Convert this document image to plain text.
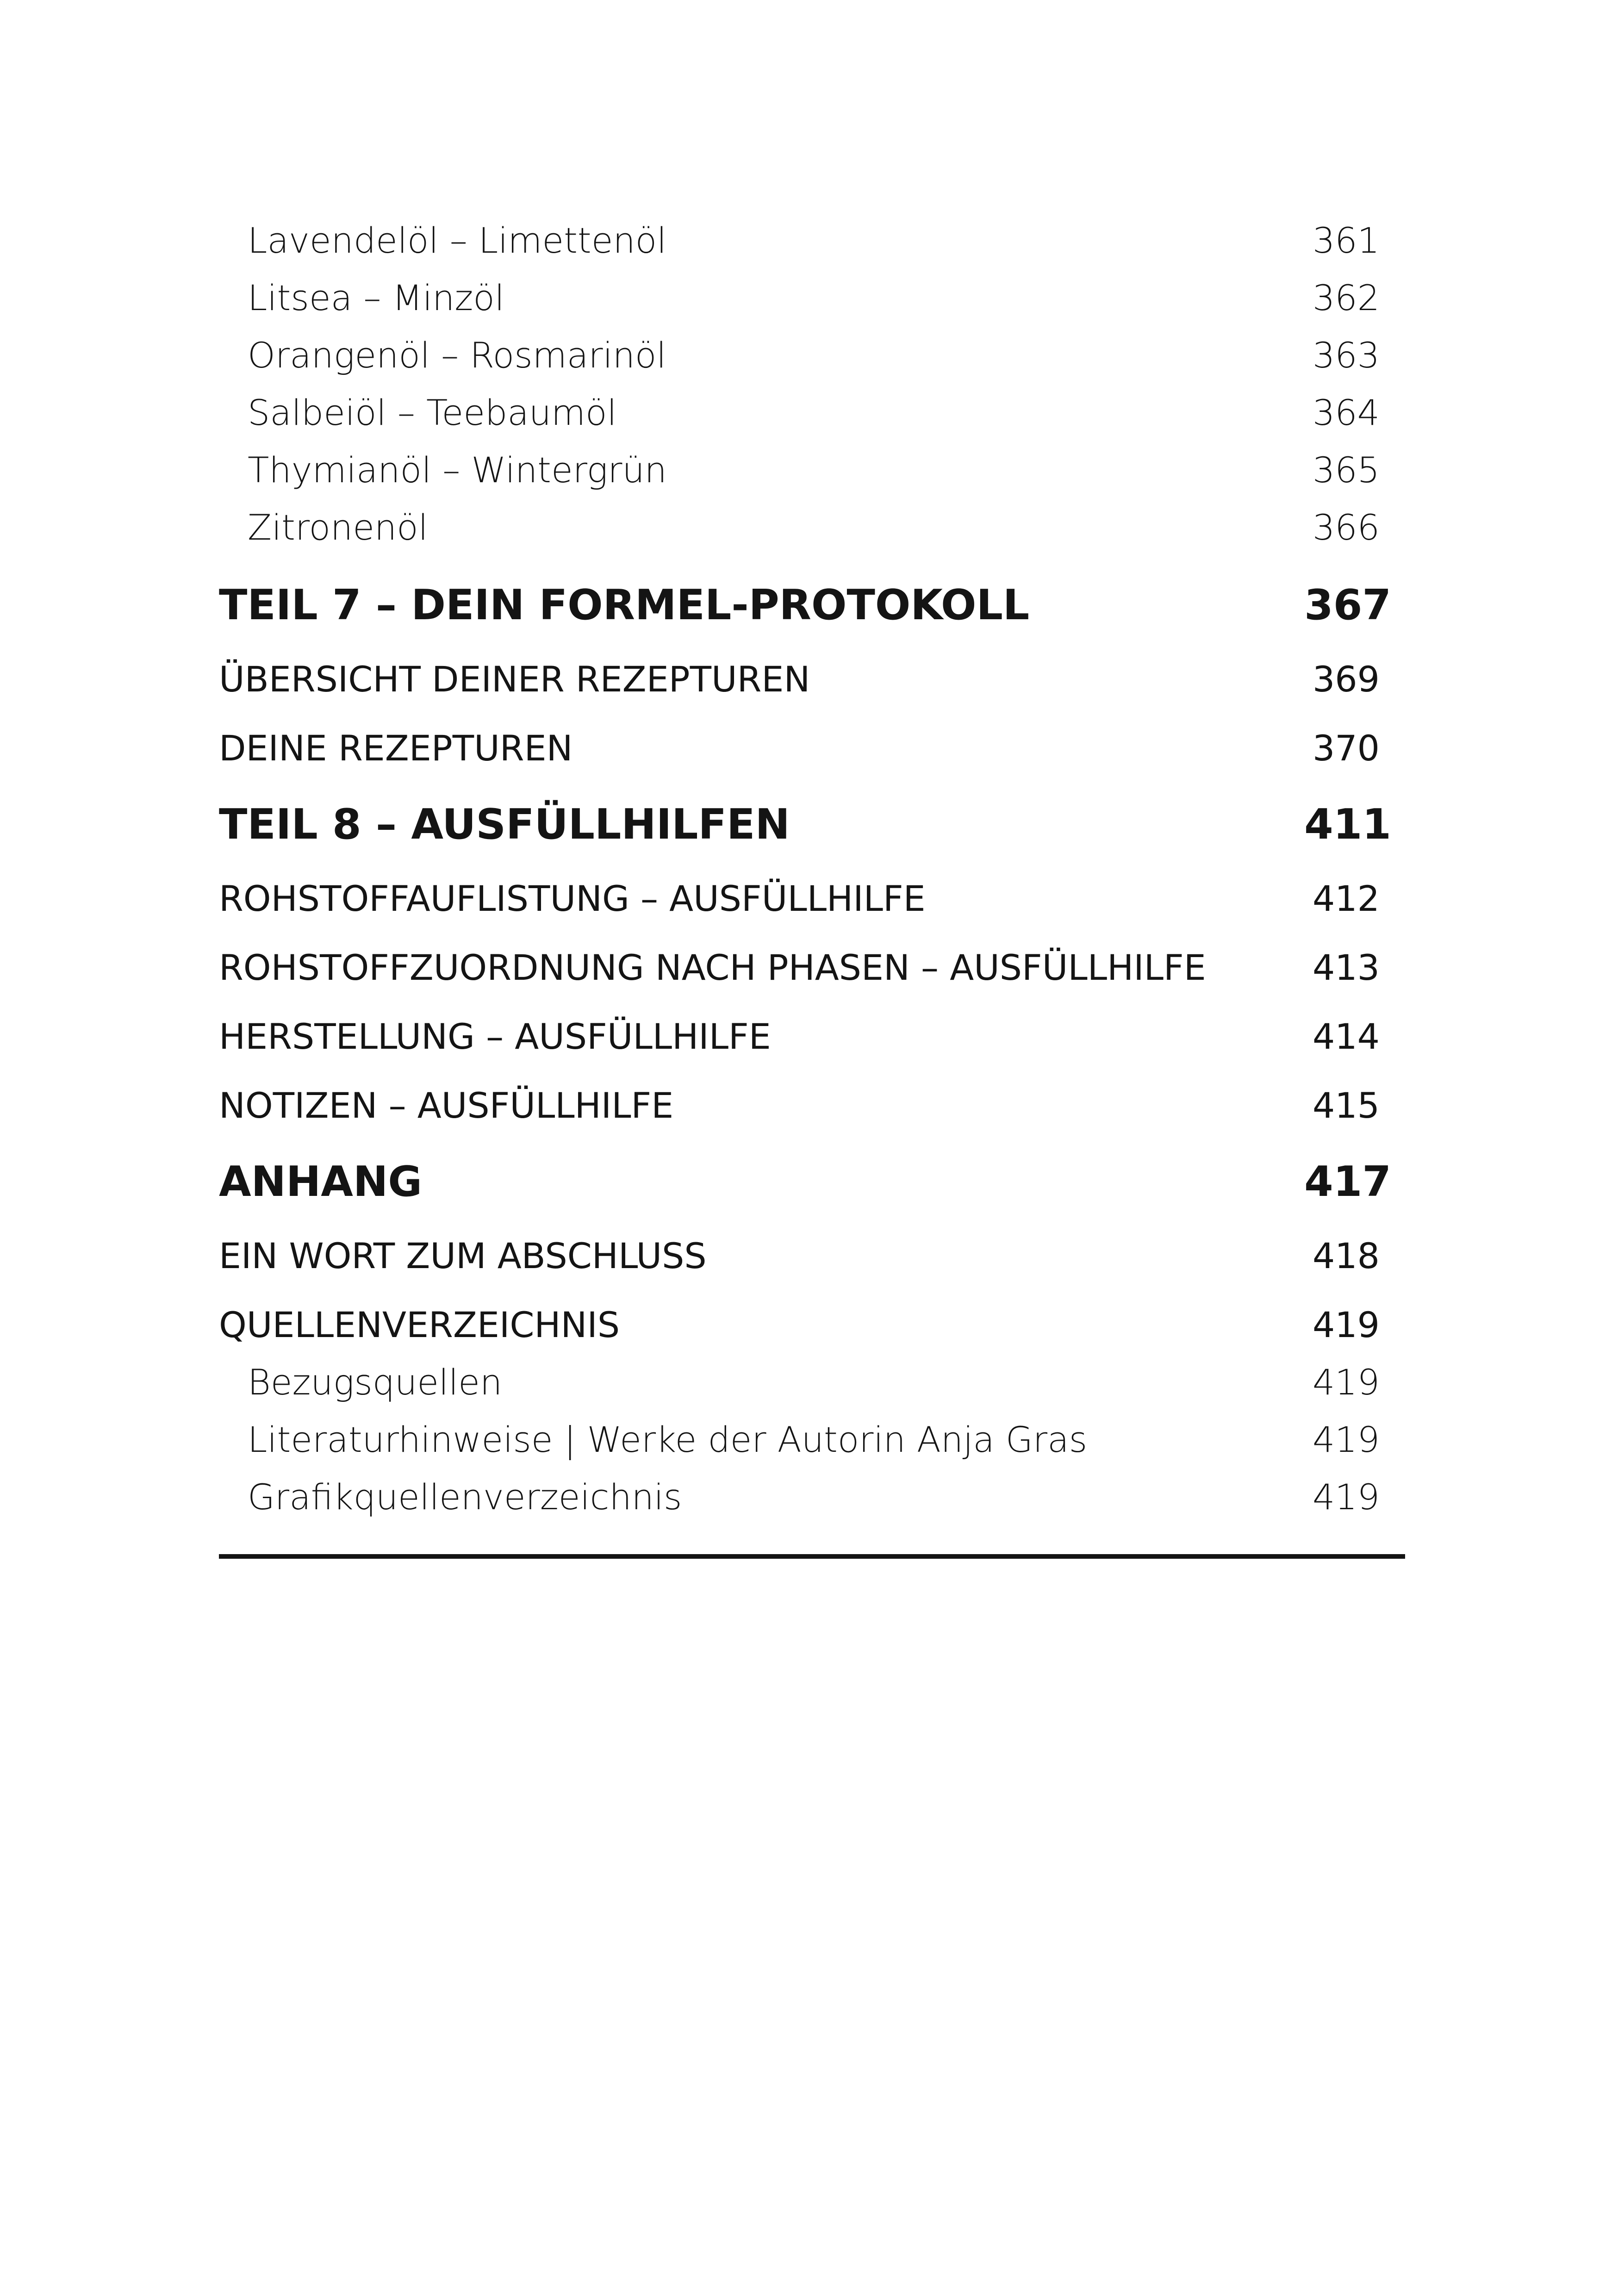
Lavendelöl – Limettenöl	361
Litsea – Minzöl	362
Orangenöl – Rosmarinöl	363
Salbeiöl – Teebaumöl	364
Thymianöl – Wintergrün	365
Zitronenöl	366
TEIL 7 – DEIN FORMEL-PROTOKOLL	367
ÜBERSICHT DEINER REZEPTUREN	369
DEINE REZEPTUREN	370
TEIL 8 – AUSFÜLLHILFEN	411
ROHSTOFFAUFLISTUNG – AUSFÜLLHILFE	412
ROHSTOFFZUORDNUNG NACH PHASEN – AUSFÜLLHILFE	413
HERSTELLUNG – AUSFÜLLHILFE	414
NOTIZEN – AUSFÜLLHILFE	415
ANHANG	417
EIN WORT ZUM ABSCHLUSS	418
QUELLENVERZEICHNIS	419
Bezugsquellen	419
Literaturhinweise | Werke der Autorin Anja Gras	419
Grafikquellenverzeichnis	419
